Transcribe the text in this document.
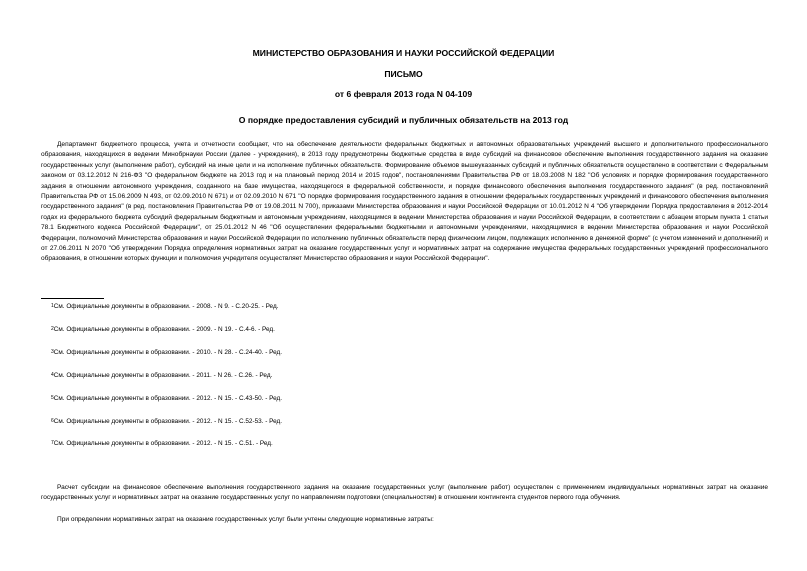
МИНИСТЕРСТВО ОБРАЗОВАНИЯ И НАУКИ РОССИЙСКОЙ ФЕДЕРАЦИИ

ПИСЬМО

от 6 февраля 2013 года N 04-109

О порядке предоставления субсидий и публичных обязательств на 2013 год

Департамент бюджетного процесса, учета и отчетности сообщает, что на обеспечение деятельности федеральных бюджетных и автономных образовательных учреждений высшего и дополнительного профессионального образования, находящихся в ведении Минобрнауки России (далее - учреждения), в 2013 году предусмотрены бюджетные средства в виде субсидий на финансовое обеспечение выполнения государственного задания на оказание государственных услуг (выполнение работ), субсидий на иные цели и на исполнение публичных обязательств. Формирование объемов вышеуказанных субсидий и публичных обязательств осуществлено в соответствии с Федеральным законом от 03.12.2012 N 216-ФЗ "О федеральном бюджете на 2013 год и на плановый период 2014 и 2015 годов", постановлениями Правительства РФ от 18.03.2008 N 182 "Об условиях и порядке формирования государственного задания в отношении автономного учреждения, созданного на базе имущества, находящегося в федеральной собственности, и порядке финансового обеспечения выполнения государственного задания" (в ред. постановлений Правительства РФ от 15.06.2009 N 493, от 02.09.2010 N 671) и от 02.09.2010 N 671 "О порядке формирования государственного задания в отношении федеральных государственных учреждений и финансового обеспечения выполнения государственного задания" (в ред. постановления Правительства РФ от 19.08.2011 N 700), приказами Министерства образования и науки Российской Федерации от 10.01.2012 N 4 "Об утверждении Порядка предоставления в 2012-2014 годах из федерального бюджета субсидий федеральным бюджетным и автономным учреждениям, находящимся в ведении Министерства образования и науки Российской Федерации, в соответствии с абзацем вторым пункта 1 статьи 78.1 Бюджетного кодекса Российской Федерации", от 25.01.2012 N 46 "Об осуществлении федеральными бюджетными и автономными учреждениями, находящимися в ведении Министерства образования и науки Российской Федерации, полномочий Министерства образования и науки Российской Федерации по исполнению публичных обязательств перед физическим лицом, подлежащих исполнению в денежной форме" (с учетом изменений и дополнений) и от 27.06.2011 N 2070 "Об утверждении Порядка определения нормативных затрат на оказание государственных услуг и нормативных затрат на содержание имущества федеральных государственных учреждений профессионального образования, в отношении которых функции и полномочия учредителя осуществляет Министерство образования и науки Российской Федерации".

$^1$См. Официальные документы в образовании. - 2008. - N 9. - С.20-25. - Ред.

$^2$См. Официальные документы в образовании. - 2009. - N 19. - С.4-6. - Ред.

$^3$См. Официальные документы в образовании. - 2010. - N 28. - С.24-40. - Ред.

$^4$См. Официальные документы в образовании. - 2011. - N 26. - С.26. - Ред.

$^5$См. Официальные документы в образовании. - 2012. - N 15. - С.43-50. - Ред.

$^6$См. Официальные документы в образовании. - 2012. - N 15. - С.52-53. - Ред.

$^7$См. Официальные документы в образовании. - 2012. - N 15. - С.51. - Ред.

Расчет субсидии на финансовое обеспечение выполнения государственного задания на оказание государственных услуг (выполнение работ) осуществлен с применением индивидуальных нормативных затрат на оказание государственных услуг и нормативных затрат на оказание государственных услуг по направлениям подготовки (специальностям) в отношении контингента студентов первого года обучения.

При определении нормативных затрат на оказание государственных услуг были учтены следующие нормативные затраты:
